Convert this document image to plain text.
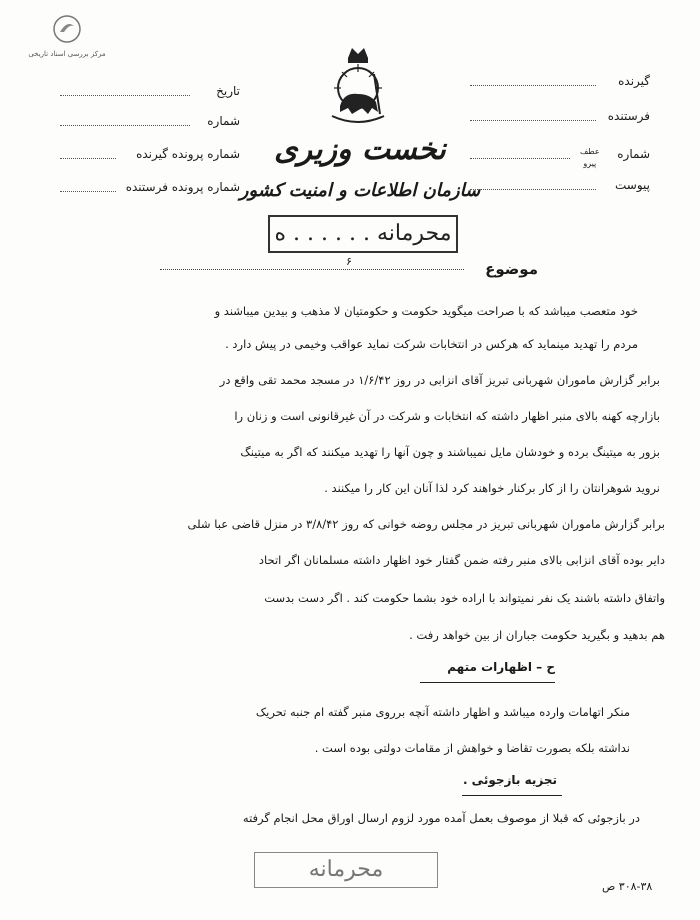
مرکز بررسی اسناد تاریخی
نخست وزیری
سازمان اطلاعات و امنیت کشور
محرمانه . . . . . . ه
تاریخ
شماره
شماره پرونده گیرنده
شماره پرونده فرستنده
گیرنده
فرستنده
شماره
عطف
پیرو
پیوست
موضوع
۶
خود متعصب میباشد که با صراحت میگوید حکومت و حکومتیان لا مذهب و بیدین میباشند و
مردم را تهدید مینماید که هرکس در انتخابات شرکت نماید عواقب وخیمی در پیش دارد .
برابر گزارش ماموران شهربانی تبریز آقای انزابی در روز ۱/۶/۴۲ در مسجد محمد تقی واقع در
بازارچه کهنه بالای منبر اظهار داشته که انتخابات و شرکت در آن غیرقانونی است و زنان را
بزور به میتینگ برده و خودشان مایل نمیباشند و چون آنها را تهدید میکنند که اگر به میتینگ
نروید شوهرانتان را از کار برکنار خواهند کرد لذا آنان این کار را میکنند .
برابر گزارش ماموران شهربانی تبریز در مجلس روضه خوانی که روز ۳/۸/۴۲ در منزل قاضی عبا شلی
دایر بوده آقای انزابی بالای منبر رفته ضمن گفتار خود اظهار داشته مسلمانان اگر اتحاد
واتفاق داشته باشند یک نفر نمیتواند با اراده خود بشما حکومت کند . اگر دست بدست
هم بدهید و بگیرید حکومت جباران از بین خواهد رفت .
ح – اظهارات متهم
منکر اتهامات وارده میباشد و اظهار داشته آنچه برروی منبر گفته ام جنبه تحریک
نداشته بلکه بصورت تقاضا و خواهش از مقامات دولتی بوده است .
تجزیه بازجوئی .
در بازجوئی که قبلا از موصوف بعمل آمده مورد لزوم ارسال اوراق محل انجام گرفته
محرمانه
۳۰۸-۳۸ ص
